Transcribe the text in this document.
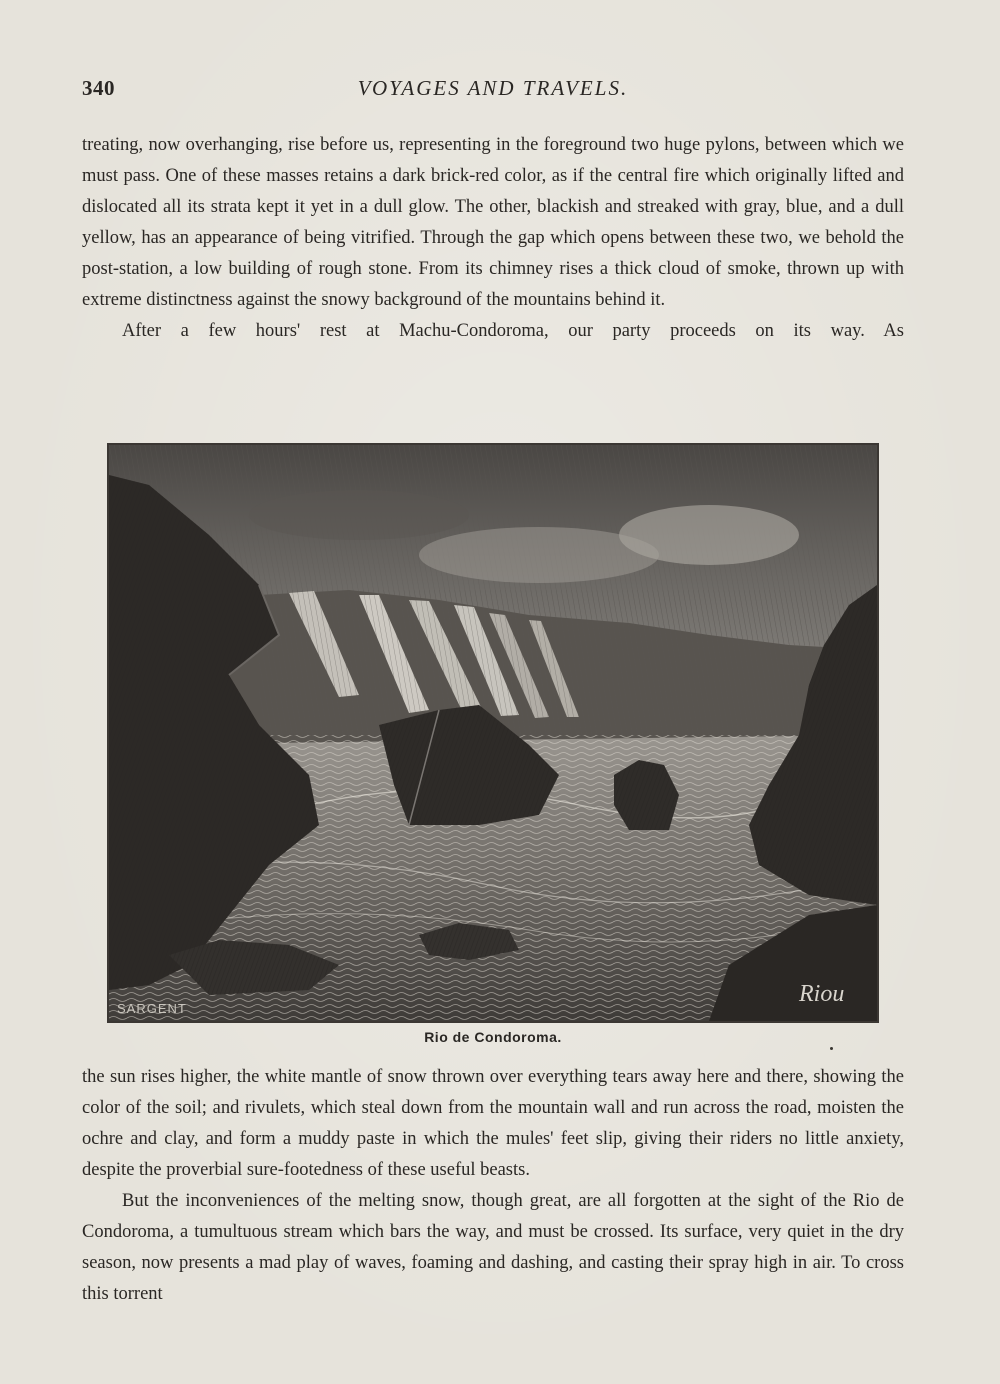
340	VOYAGES AND TRAVELS.

treating, now overhanging, rise before us, representing in the foreground two huge pylons, between which we must pass. One of these masses retains a dark brick-red color, as if the central fire which originally lifted and dislocated all its strata kept it yet in a dull glow. The other, blackish and streaked with gray, blue, and a dull yellow, has an appearance of being vitrified. Through the gap which opens between these two, we behold the post-station, a low building of rough stone. From its chimney rises a thick cloud of smoke, thrown up with extreme distinctness against the snowy background of the mountains behind it.

After a few hours' rest at Machu-Condoroma, our party proceeds on its way. As

SARGENT
Riou
Rio de Condoroma.

the sun rises higher, the white mantle of snow thrown over everything tears away here and there, showing the color of the soil; and rivulets, which steal down from the mountain wall and run across the road, moisten the ochre and clay, and form a muddy paste in which the mules' feet slip, giving their riders no little anxiety, despite the proverbial sure-footedness of these useful beasts.

But the inconveniences of the melting snow, though great, are all forgotten at the sight of the Rio de Condoroma, a tumultuous stream which bars the way, and must be crossed. Its surface, very quiet in the dry season, now presents a mad play of waves, foaming and dashing, and casting their spray high in air. To cross this torrent
